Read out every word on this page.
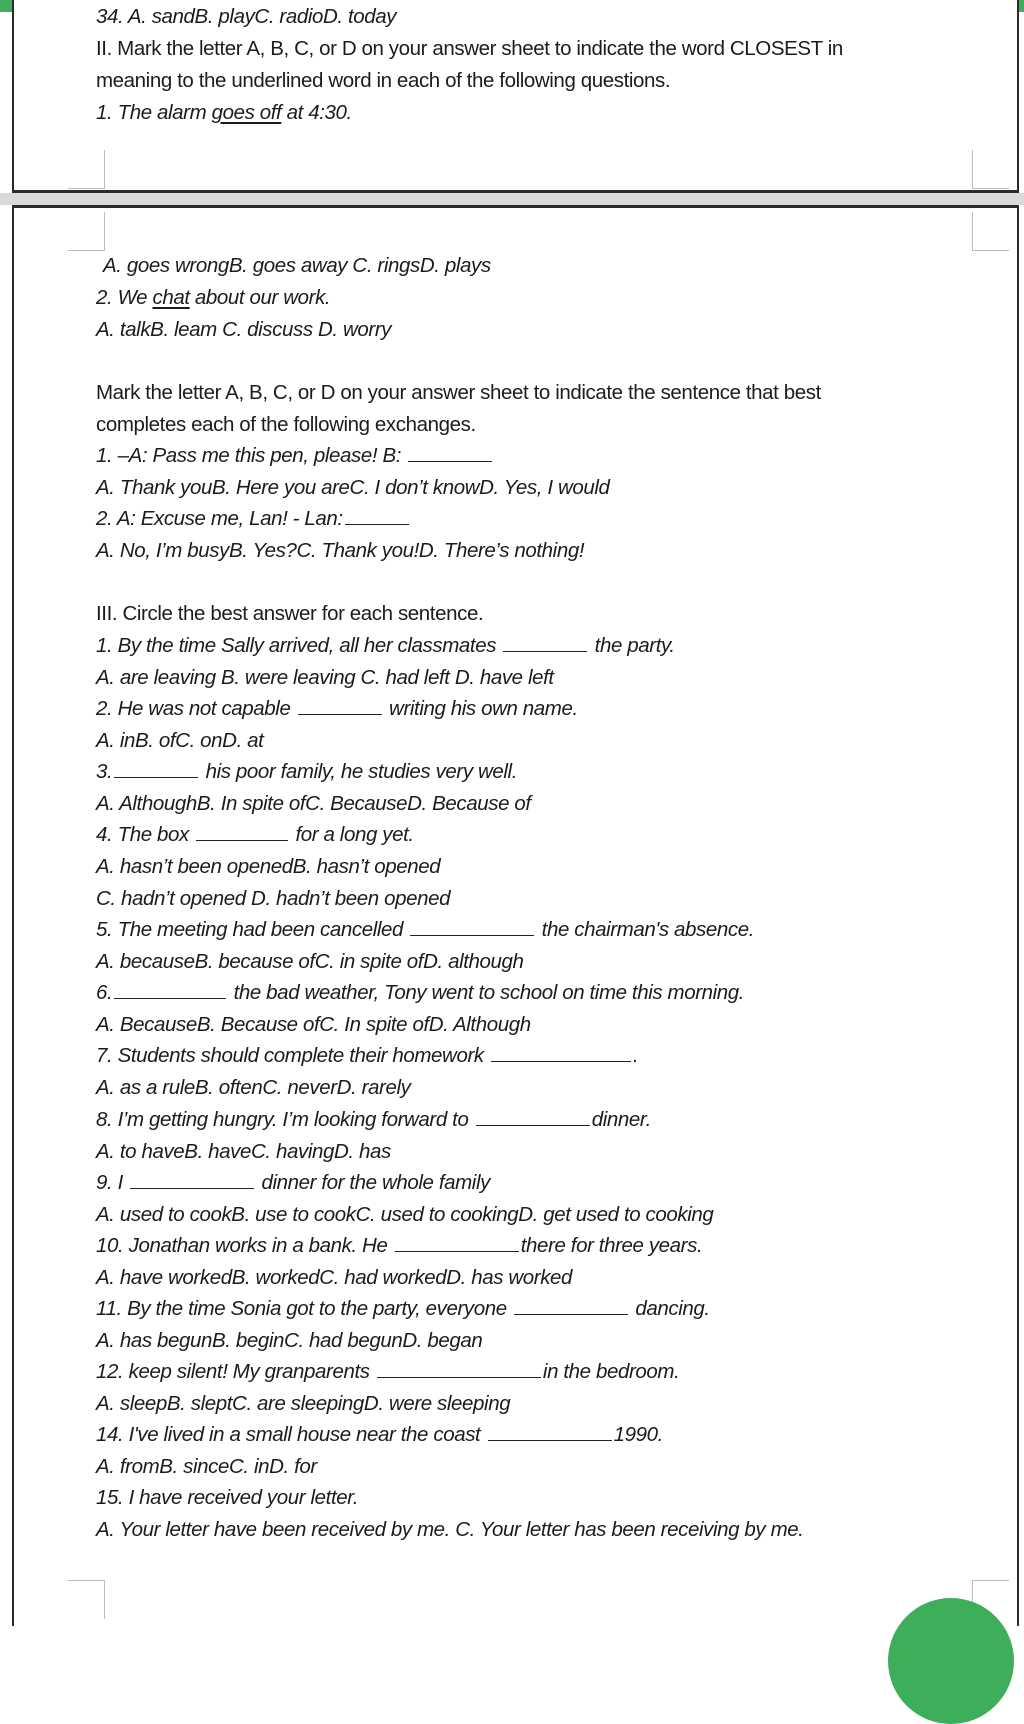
34. A. sandB. playC. radioD. today
II. Mark the letter A, B, C, or D on your answer sheet to indicate the word CLOSEST in
meaning to the underlined word in each of the following questions.
1. The alarm goes off at 4:30.
A. goes wrongB. goes away C. ringsD. plays
2. We chat about our work.
A. talkB. leam C. discuss D. worry
Mark the letter A, B, C, or D on your answer sheet to indicate the sentence that best
completes each of the following exchanges.
1. –A: Pass me this pen, please! B:
A. Thank youB. Here you areC. I don’t knowD. Yes, I would
2. A: Excuse me, Lan! - Lan:
A. No, I’m busyB. Yes?C. Thank you!D. There’s nothing!
III. Circle the best answer for each sentence.
1. By the time Sally arrived, all her classmates	the party.
A. are leaving B. were leaving C. had left D. have left
2. He was not capable	writing his own name.
A. inB. ofC. onD. at
3.	his poor family, he studies very well.
A. AlthoughB. In spite ofC. BecauseD. Because of
4. The box	for a long yet.
A. hasn’t been openedB. hasn’t opened
C. hadn’t opened D. hadn’t been opened
5. The meeting had been cancelled	the chairman's absence.
A. becauseB. because ofC. in spite ofD. although
6.	the bad weather, Tony went to school on time this morning.
A. BecauseB. Because ofC. In spite ofD. Although
7. Students should complete their homework	.
A. as a ruleB. oftenC. neverD. rarely
8. I’m getting hungry. I’m looking forward to	dinner.
A. to haveB. haveC. havingD. has
9. I	dinner for the whole family
A. used to cookB. use to cookC. used to cookingD. get used to cooking
10. Jonathan works in a bank. He	there for three years.
A. have workedB. workedC. had workedD. has worked
11. By the time Sonia got to the party, everyone	dancing.
A. has begunB. beginC. had begunD. began
12. keep silent! My granparents	in the bedroom.
A. sleepB. sleptC. are sleepingD. were sleeping
14. I've lived in a small house near the coast	1990.
A. fromB. sinceC. inD. for
15. I have received your letter.
A. Your letter have been received by me. C. Your letter has been receiving by me.
